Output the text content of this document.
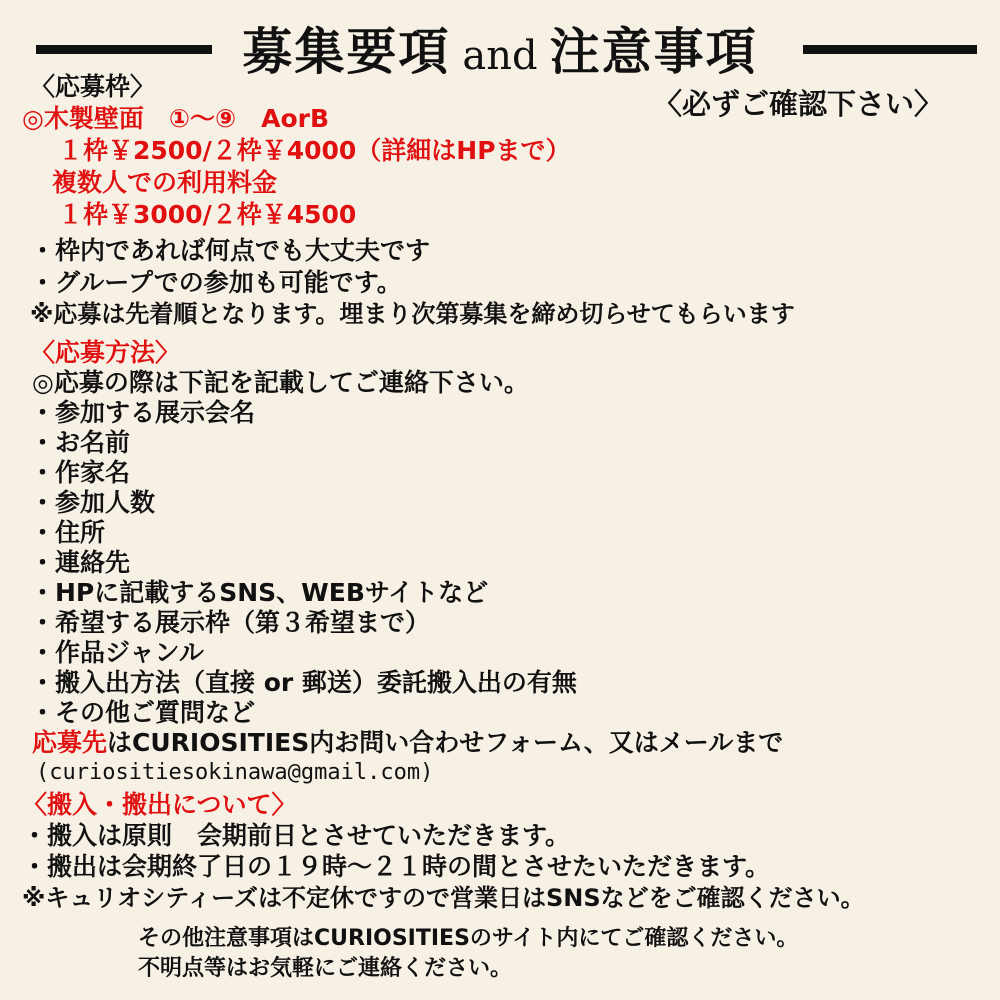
募集要項 and 注意事項
〈必ずご確認下さい〉
〈応募枠〉
◎木製壁面　①〜⑨　AorB
１枠￥2500/２枠￥4000（詳細はHPまで）
複数人での利用料金
１枠￥3000/２枠￥4500
・枠内であれば何点でも大丈夫です
・グループでの参加も可能です。
※応募は先着順となります。埋まり次第募集を締め切らせてもらいます
〈応募方法〉
◎応募の際は下記を記載してご連絡下さい。
・参加する展示会名
・お名前
・作家名
・参加人数
・住所
・連絡先
・HPに記載するSNS、WEBサイトなど
・希望する展示枠（第３希望まで）
・作品ジャンル
・搬入出方法（直接 or 郵送）委託搬入出の有無
・その他ご質問など
応募先はCURIOSITIES内お問い合わせフォーム、又はメールまで
(curiositiesokinawa@gmail.com)
〈搬入・搬出について〉
・搬入は原則　会期前日とさせていただきます。
・搬出は会期終了日の１９時〜２１時の間とさせたいただきます。
※キュリオシティーズは不定休ですので営業日はSNSなどをご確認ください。
その他注意事項はCURIOSITIESのサイト内にてご確認ください。
不明点等はお気軽にご連絡ください。
